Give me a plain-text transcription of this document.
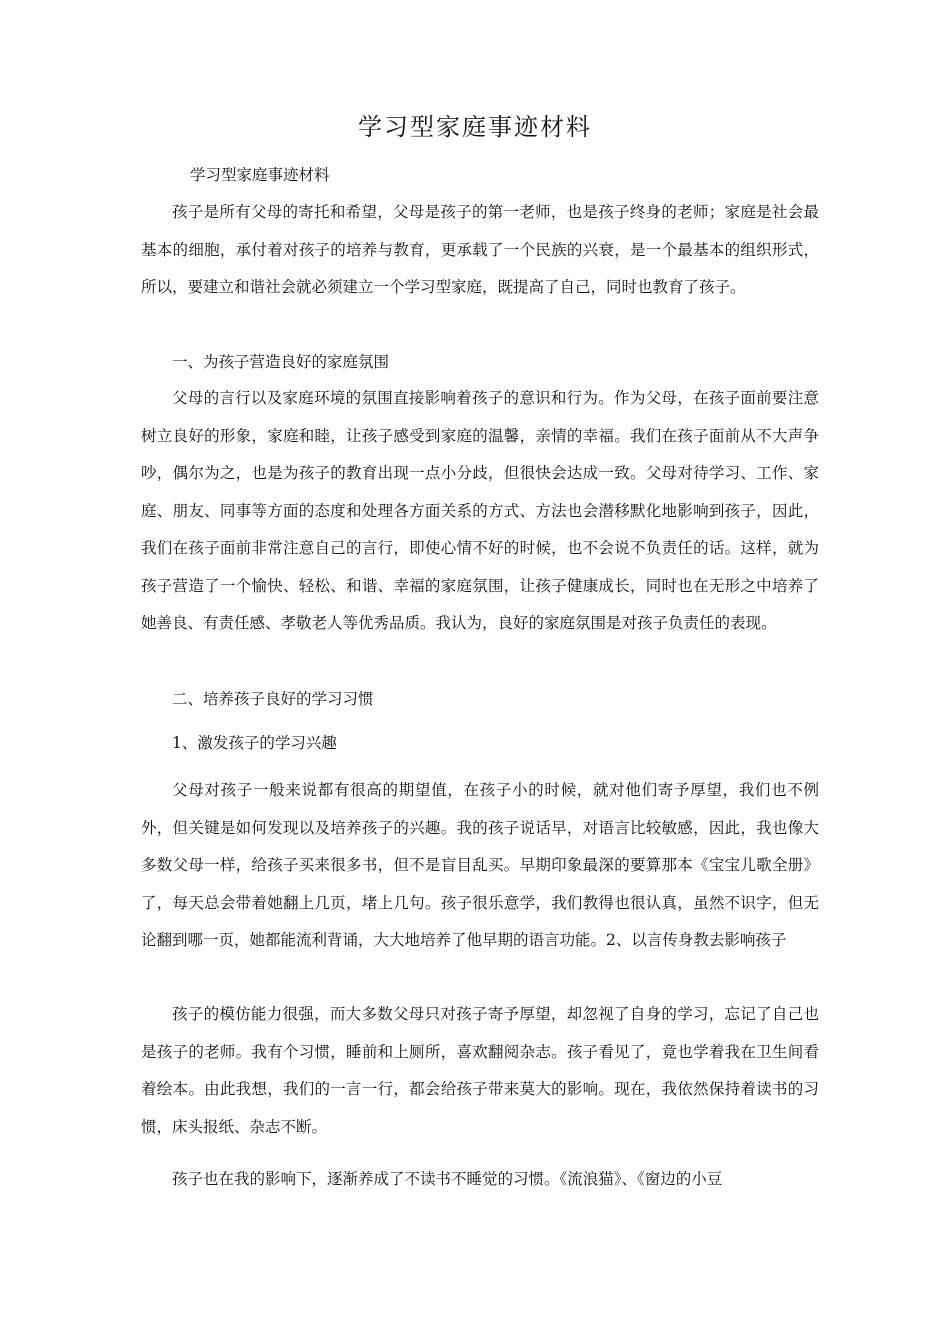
学习型家庭事迹材料
学习型家庭事迹材料

孩子是所有父母的寄托和希望，父母是孩子的第一老师，也是孩子终身的老师；家庭是社会最基本的细胞，承付着对孩子的培养与教育，更承载了一个民族的兴衰，是一个最基本的组织形式，所以，要建立和谐社会就必须建立一个学习型家庭，既提高了自己，同时也教育了孩子。

一、为孩子营造良好的家庭氛围

父母的言行以及家庭环境的氛围直接影响着孩子的意识和行为。作为父母，在孩子面前要注意树立良好的形象，家庭和睦，让孩子感受到家庭的温馨，亲情的幸福。我们在孩子面前从不大声争吵，偶尔为之，也是为孩子的教育出现一点小分歧，但很快会达成一致。父母对待学习、工作、家庭、朋友、同事等方面的态度和处理各方面关系的方式、方法也会潜移默化地影响到孩子，因此，我们在孩子面前非常注意自己的言行，即使心情不好的时候，也不会说不负责任的话。这样，就为孩子营造了一个愉快、轻松、和谐、幸福的家庭氛围，让孩子健康成长，同时也在无形之中培养了她善良、有责任感、孝敬老人等优秀品质。我认为，良好的家庭氛围是对孩子负责任的表现。

二、培养孩子良好的学习习惯

1、激发孩子的学习兴趣

父母对孩子一般来说都有很高的期望值，在孩子小的时候，就对他们寄予厚望，我们也不例外，但关键是如何发现以及培养孩子的兴趣。我的孩子说话早，对语言比较敏感，因此，我也像大多数父母一样，给孩子买来很多书，但不是盲目乱买。早期印象最深的要算那本《宝宝儿歌全册》了，每天总会带着她翻上几页，堵上几句。孩子很乐意学，我们教得也很认真，虽然不识字，但无论翻到哪一页，她都能流利背诵，大大地培养了他早期的语言功能。2、以言传身教去影响孩子

孩子的模仿能力很强，而大多数父母只对孩子寄予厚望，却忽视了自身的学习，忘记了自己也是孩子的老师。我有个习惯，睡前和上厕所，喜欢翻阅杂志。孩子看见了，竟也学着我在卫生间看着绘本。由此我想，我们的一言一行，都会给孩子带来莫大的影响。现在，我依然保持着读书的习惯，床头报纸、杂志不断。

孩子也在我的影响下，逐渐养成了不读书不睡觉的习惯。《流浪猫》、《窗边的小豆
